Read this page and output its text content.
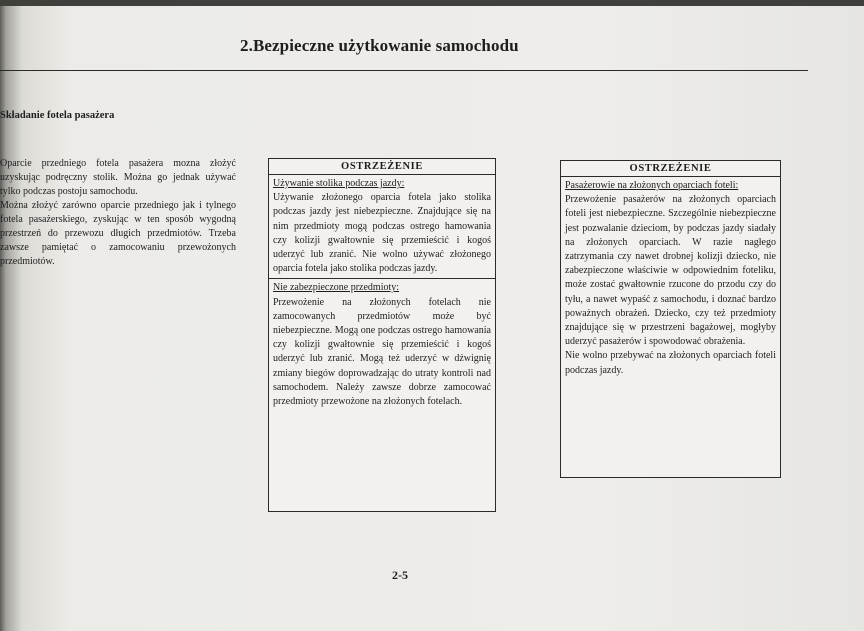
2.Bezpieczne użytkowanie samochodu
Składanie fotela pasażera

Oparcie przedniego fotela pasażera mozna złożyć uzyskując podręczny stolik. Można go jednak używać tylko podczas postoju samochodu.

Można złożyć zarówno oparcie przedniego jak i tylnego fotela pasażerskiego, zyskując w ten sposób wygodną przestrzeń do przewozu długich przedmiotów. Trzeba zawsze pamiętać o zamocowaniu przewożonych przedmiotów.

OSTRZEŻENIE

Używanie stolika podczas jazdy:

Używanie złożonego oparcia fotela jako stolika podczas jazdy jest niebezpieczne. Znajdujące się na nim przedmioty mogą podczas ostrego hamowania czy kolizji gwałtownie się przemieścić i kogoś uderzyć lub zranić. Nie wolno używać złożonego oparcia fotela jako stolika podczas jazdy.

Nie zabezpieczone przedmioty:

Przewożenie na złożonych fotelach nie zamocowanych przedmiotów może być niebezpieczne. Mogą one podczas ostrego hamowania czy kolizji gwałtownie się przemieścić i kogoś uderzyć lub zranić. Mogą też uderzyć w dźwignię zmiany biegów doprowadzając do utraty kontroli nad samochodem. Należy zawsze dobrze zamocować przedmioty przewożone na złożonych fotelach.

OSTRZEŻENIE

Pasażerowie na złożonych oparciach foteli:

Przewożenie pasażerów na złożonych oparciach foteli jest niebezpieczne. Szczególnie niebezpieczne jest pozwalanie dzieciom, by podczas jazdy siadały na złożonych oparciach. W razie nagłego zatrzymania czy nawet drobnej kolizji dziecko, nie zabezpieczone właściwie w odpowiednim foteliku, może zostać gwałtownie rzucone do przodu czy do tyłu, a nawet wypaść z samochodu, i doznać bardzo poważnych obrażeń. Dziecko, czy też przedmioty znajdujące się w przestrzeni bagażowej, mogłyby uderzyć pasażerów i spowodować obrażenia.

Nie wolno przebywać na złożonych oparciach foteli podczas jazdy.

2-5
